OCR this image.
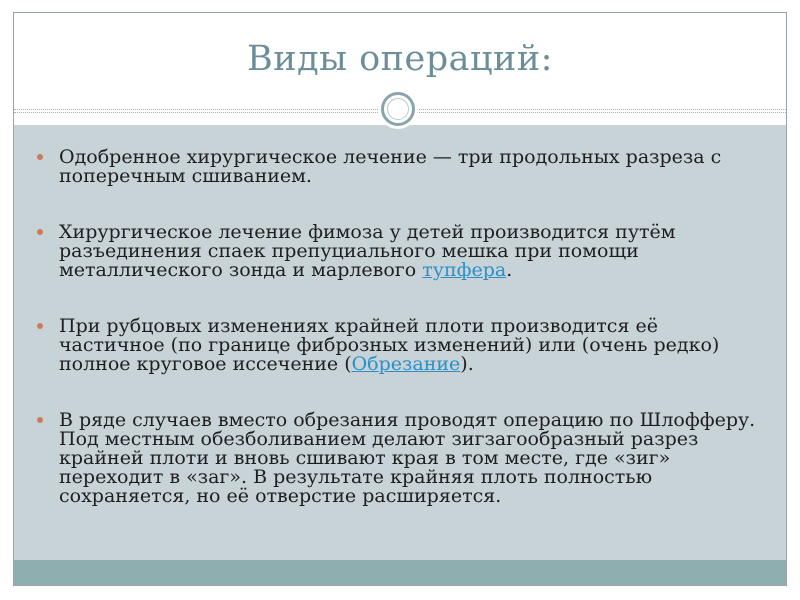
Виды операций:
Одобренное хирургическое лечение — три продольных разреза с поперечным сшиванием.
Хирургическое лечение фимоза у детей производится путём разъединения спаек препуциального мешка при помощи металлического зонда и марлевого тупфера.
При рубцовых изменениях крайней плоти производится её частичное (по границе фиброзных изменений) или (очень редко) полное круговое иссечение (Обрезание).
В ряде случаев вместо обрезания проводят операцию по Шлофферу. Под местным обезболиванием делают зигзагообразный разрез крайней плоти и вновь сшивают края в том месте, где «зиг» переходит в «заг». В результате крайняя плоть полностью сохраняется, но её отверстие расширяется.
